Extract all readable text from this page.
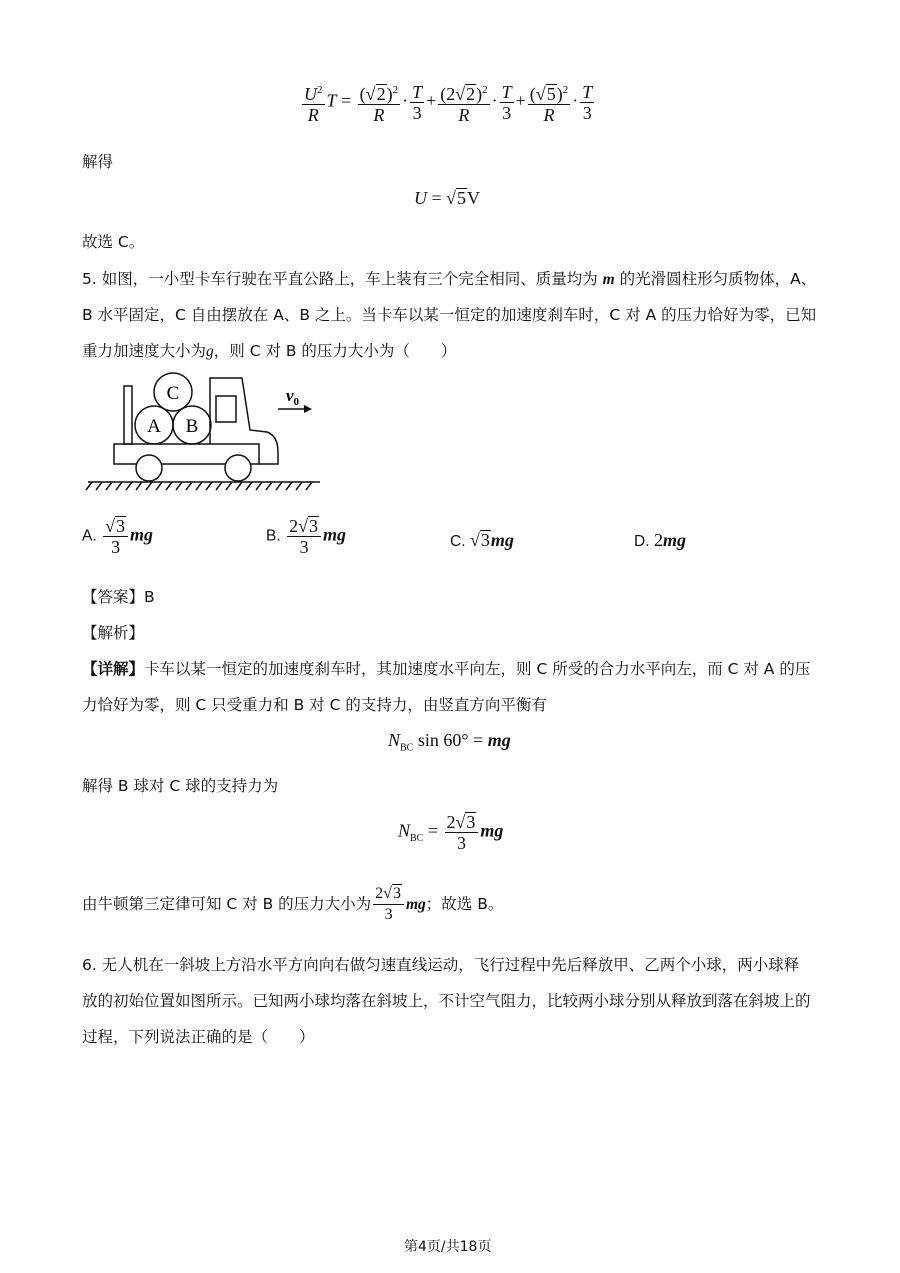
$\frac{U^2}{R}$ $T = \frac{(√2)^2}{R} \cdot \frac{T}{3} + \frac{(2√2)^2}{R} \cdot \frac{T}{3} + \frac{(√5)^2}{R} \cdot \frac{T}{3}$
解得
U = √5V
故选 C。
5. 如图，一小型卡车行驶在平直公路上，车上装有三个完全相同、质量均为 m 的光滑圆柱形匀质物体，A、
B 水平固定，C 自由摆放在 A、B 之上。当卡车以某一恒定的加速度刹车时，C 对 A 的压力恰好为零，已知
重力加速度大小为g，则 C 对 B 的压力大小为（　　）
A B
C	$v_0$
A. $\frac{√3}{3}$ mg	B. $\frac{2√3}{3}$ mg	C. √3mg	D. 2mg
【答案】B
【解析】
【详解】卡车以某一恒定的加速度刹车时，其加速度水平向左，则 C 所受的合力水平向左，而 C 对 A 的压
力恰好为零，则 C 只受重力和 B 对 C 的支持力，由竖直方向平衡有
$N_{BC}$ sin 60° = mg
解得 B 球对 C 球的支持力为
$N_{BC} = \frac{2√3}{3}$ mg
由牛顿第三定律可知 C 对 B 的压力大小为 $\frac{2√3}{3}$ mg；故选 B。
6. 无人机在一斜坡上方沿水平方向向右做匀速直线运动，飞行过程中先后释放甲、乙两个小球，两小球释
放的初始位置如图所示。已知两小球均落在斜坡上，不计空气阻力，比较两小球分别从释放到落在斜坡上的
过程，下列说法正确的是（　　）
第4页/共18页
